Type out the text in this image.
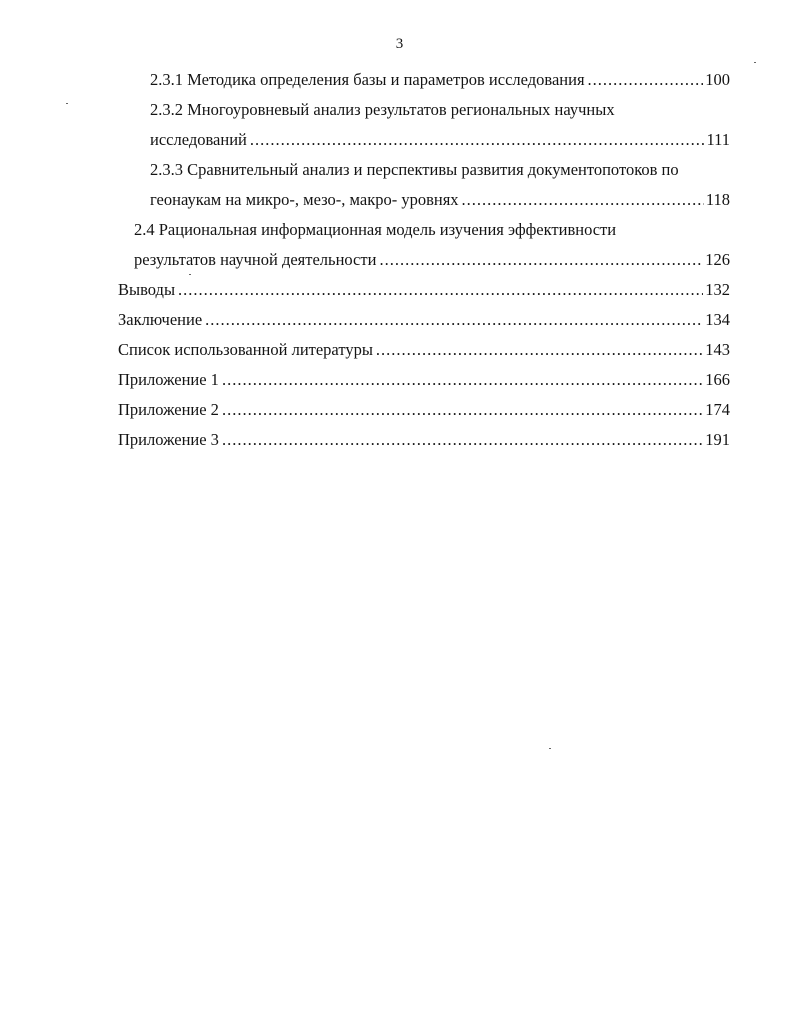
3
2.3.1 Методика определения базы и параметров исследования .....	100
2.3.2 Многоуровневый анализ результатов региональных научных
исследований .....	111
2.3.3 Сравнительный анализ и перспективы развития документопотоков по
геонаукам на микро-, мезо-, макро- уровнях .....	118
2.4 Рациональная информационная модель изучения эффективности
результатов научной деятельности .....	126
Выводы .....	132
Заключение .....	134
Список использованной литературы .....	143
Приложение 1 .....	166
Приложение 2 .....	174
Приложение 3 .....	191
